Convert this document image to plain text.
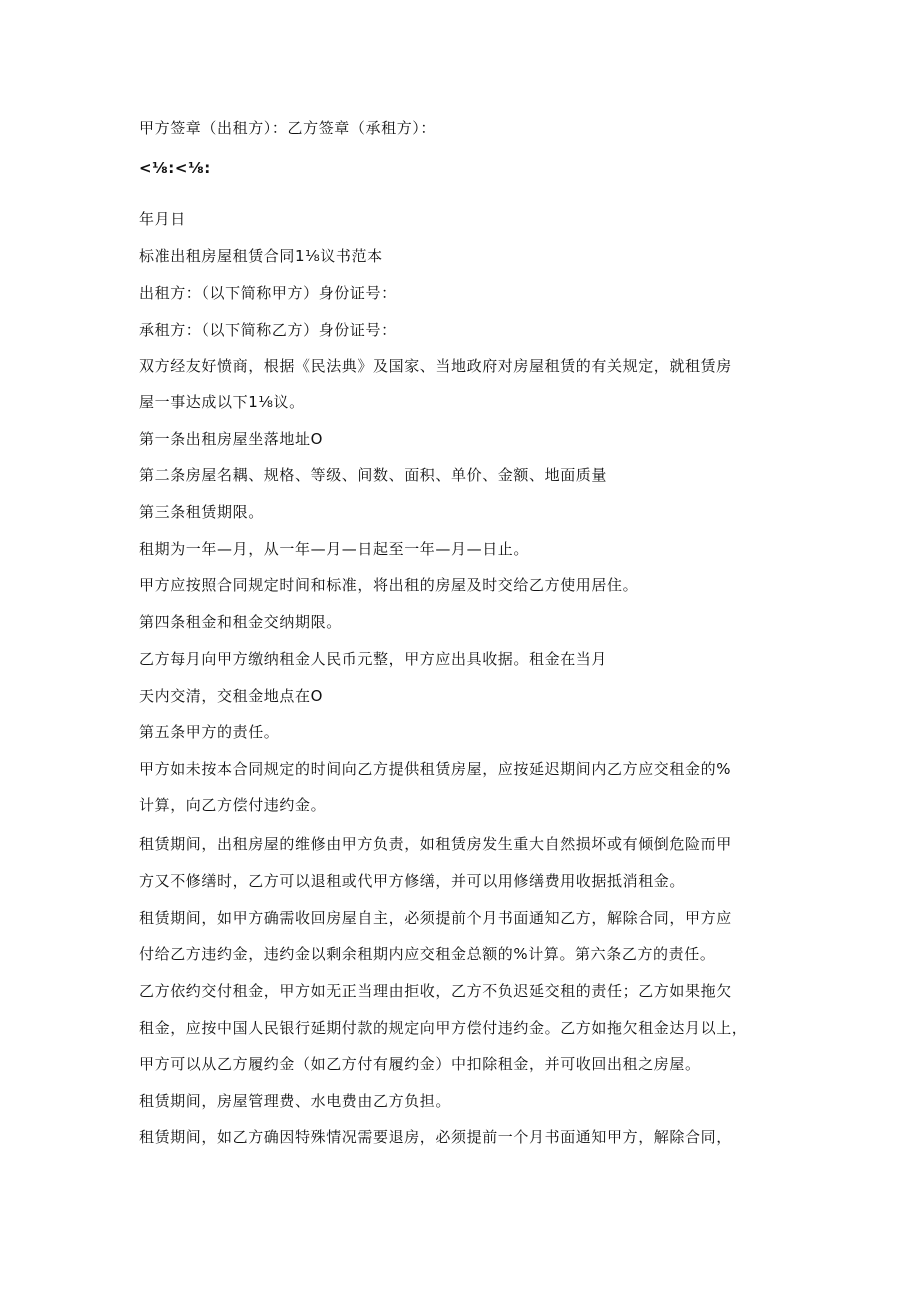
甲方签章（出租方）：乙方签章（承租方）：
<⅛:<⅛:
年月日
标准出租房屋租赁合同1⅛议书范本
出租方：（以下简称甲方）身份证号：
承租方：（以下简称乙方）身份证号：
双方经友好愤商，根据《民法典》及国家、当地政府对房屋租赁的有关规定，就租赁房
屋一事达成以下1⅛议。
第一条出租房屋坐落地址O
第二条房屋名耦、规格、等级、间数、面积、单价、金额、地面质量
第三条租赁期限。
租期为一年—月，从一年—月—日起至一年—月—日止。
甲方应按照合同规定时间和标准，将出租的房屋及时交给乙方使用居住。
第四条租金和租金交纳期限。
乙方每月向甲方缴纳租金人民币元整，甲方应出具收据。租金在当月
天内交清，交租金地点在O
第五条甲方的责任。
甲方如未按本合同规定的时间向乙方提供租赁房屋，应按延迟期间内乙方应交租金的%
计算，向乙方偿付违约金。
租赁期间，出租房屋的维修由甲方负责，如租赁房发生重大自然损坏或有倾倒危险而甲
方又不修缮时，乙方可以退租或代甲方修缮，并可以用修缮费用收据抵消租金。
租赁期间，如甲方确需收回房屋自主，必须提前个月书面通知乙方，解除合同，甲方应
付给乙方违约金，违约金以剩余租期内应交租金总额的%计算。第六条乙方的责任。
乙方依约交付租金，甲方如无正当理由拒收，乙方不负迟延交租的责任；乙方如果拖欠
租金，应按中国人民银行延期付款的规定向甲方偿付违约金。乙方如拖欠租金达月以上，
甲方可以从乙方履约金（如乙方付有履约金）中扣除租金，并可收回出租之房屋。
租赁期间，房屋管理费、水电费由乙方负担。
租赁期间，如乙方确因特殊情况需要退房，必须提前一个月书面通知甲方，解除合同，
